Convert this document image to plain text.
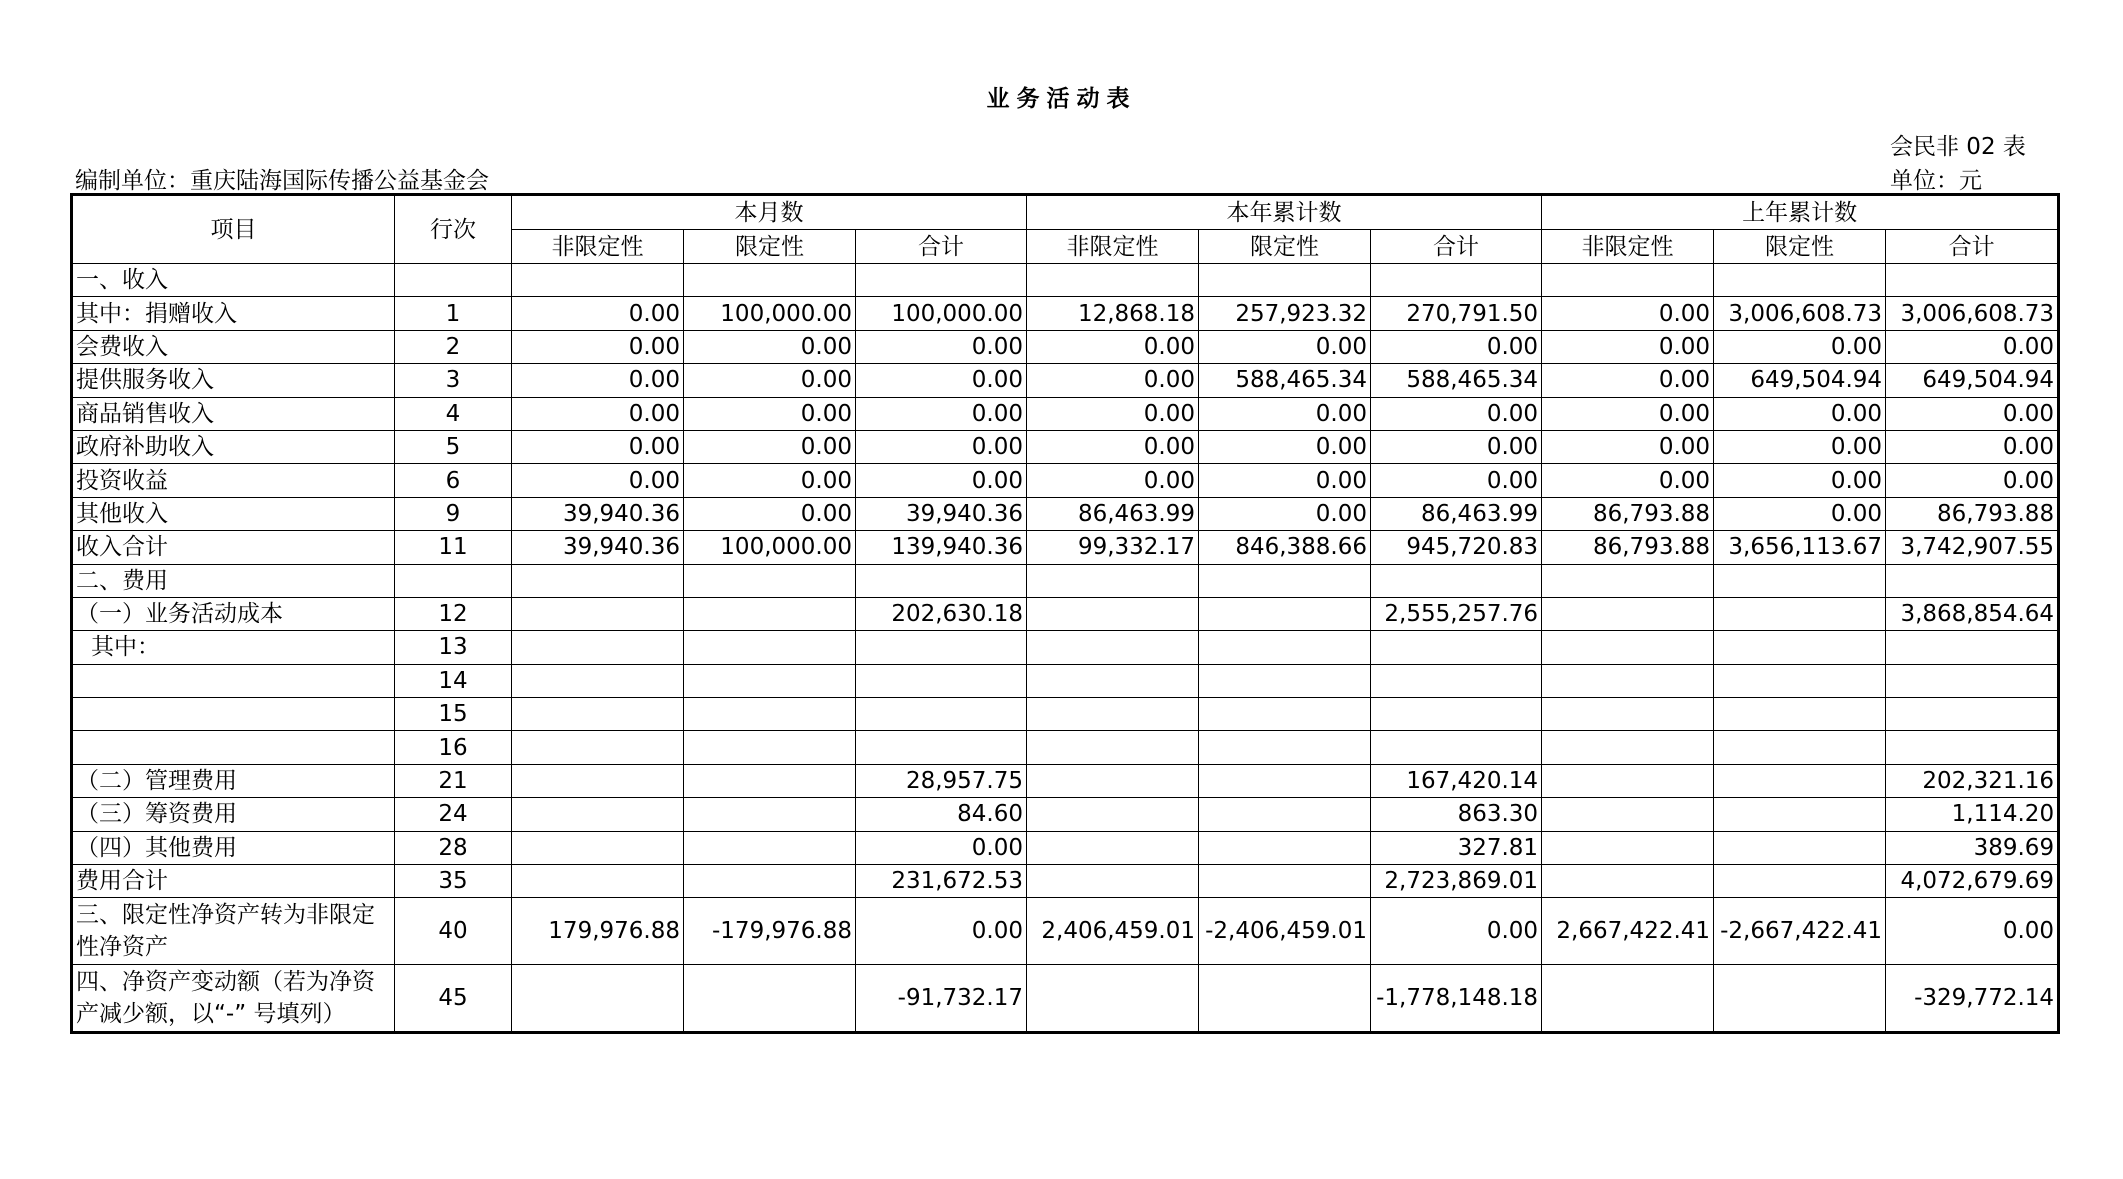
业务活动表
会民非 02 表
单位：元
编制单位：重庆陆海国际传播公益基金会
项目	行次	本月数			本年累计数			上年累计数		
		非限定性	限定性	合计	非限定性	限定性	合计	非限定性	限定性	合计
一、收入										
其中：捐赠收入	1	0.00	100,000.00	100,000.00	12,868.18	257,923.32	270,791.50	0.00	3,006,608.73	3,006,608.73
会费收入	2	0.00	0.00	0.00	0.00	0.00	0.00	0.00	0.00	0.00
提供服务收入	3	0.00	0.00	0.00	0.00	588,465.34	588,465.34	0.00	649,504.94	649,504.94
商品销售收入	4	0.00	0.00	0.00	0.00	0.00	0.00	0.00	0.00	0.00
政府补助收入	5	0.00	0.00	0.00	0.00	0.00	0.00	0.00	0.00	0.00
投资收益	6	0.00	0.00	0.00	0.00	0.00	0.00	0.00	0.00	0.00
其他收入	9	39,940.36	0.00	39,940.36	86,463.99	0.00	86,463.99	86,793.88	0.00	86,793.88
收入合计	11	39,940.36	100,000.00	139,940.36	99,332.17	846,388.66	945,720.83	86,793.88	3,656,113.67	3,742,907.55
二、费用										
（一）业务活动成本	12			202,630.18			2,555,257.76			3,868,854.64
其中：	13									
	14									
	15									
	16									
（二）管理费用	21			28,957.75			167,420.14			202,321.16
（三）筹资费用	24			84.60			863.30			1,114.20
（四）其他费用	28			0.00			327.81			389.69
费用合计	35			231,672.53			2,723,869.01			4,072,679.69
三、限定性净资产转为非限定性净资产	40	179,976.88	-179,976.88	0.00	2,406,459.01	-2,406,459.01	0.00	2,667,422.41	-2,667,422.41	0.00
四、净资产变动额（若为净资产减少额，以“-” 号填列）	45			-91,732.17			-1,778,148.18			-329,772.14
